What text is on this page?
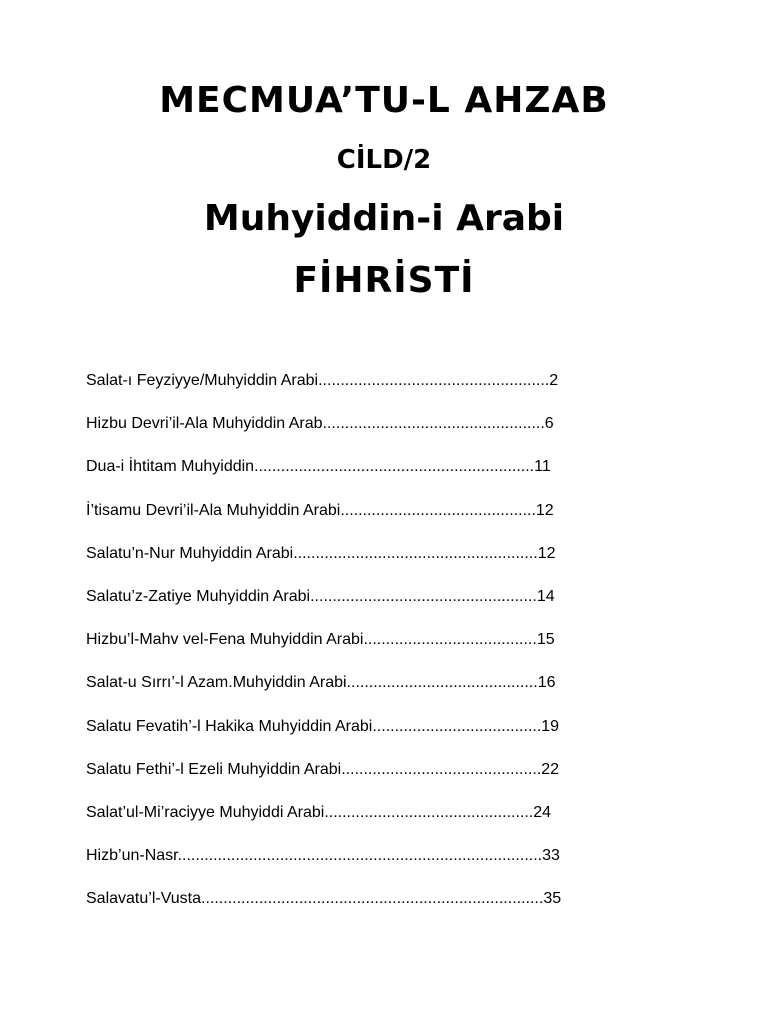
MECMUA’TU-L AHZAB
CİLD/2
Muhyiddin-i Arabi
FİHRİSTİ
Salat-ı Feyziyye/Muhyiddin Arabi....................................................2
Hizbu Devri’il-Ala Muhyiddin Arab..................................................6
Dua-i İhtitam Muhyiddin...............................................................11
İ’tisamu Devri’il-Ala Muhyiddin Arabi............................................12
Salatu’n-Nur Muhyiddin Arabi.......................................................12
Salatu’z-Zatiye Muhyiddin Arabi...................................................14
Hizbu’l-Mahv vel-Fena Muhyiddin Arabi.......................................15
Salat-u Sırrı’-l Azam.Muhyiddin Arabi...........................................16
Salatu Fevatih’-l Hakika Muhyiddin Arabi......................................19
Salatu Fethi’-l Ezeli Muhyiddin Arabi.............................................22
Salat’ul-Mi’raciyye Muhyiddi Arabi...............................................24
Hizb’un-Nasr..................................................................................33
Salavatu’l-Vusta.............................................................................35
